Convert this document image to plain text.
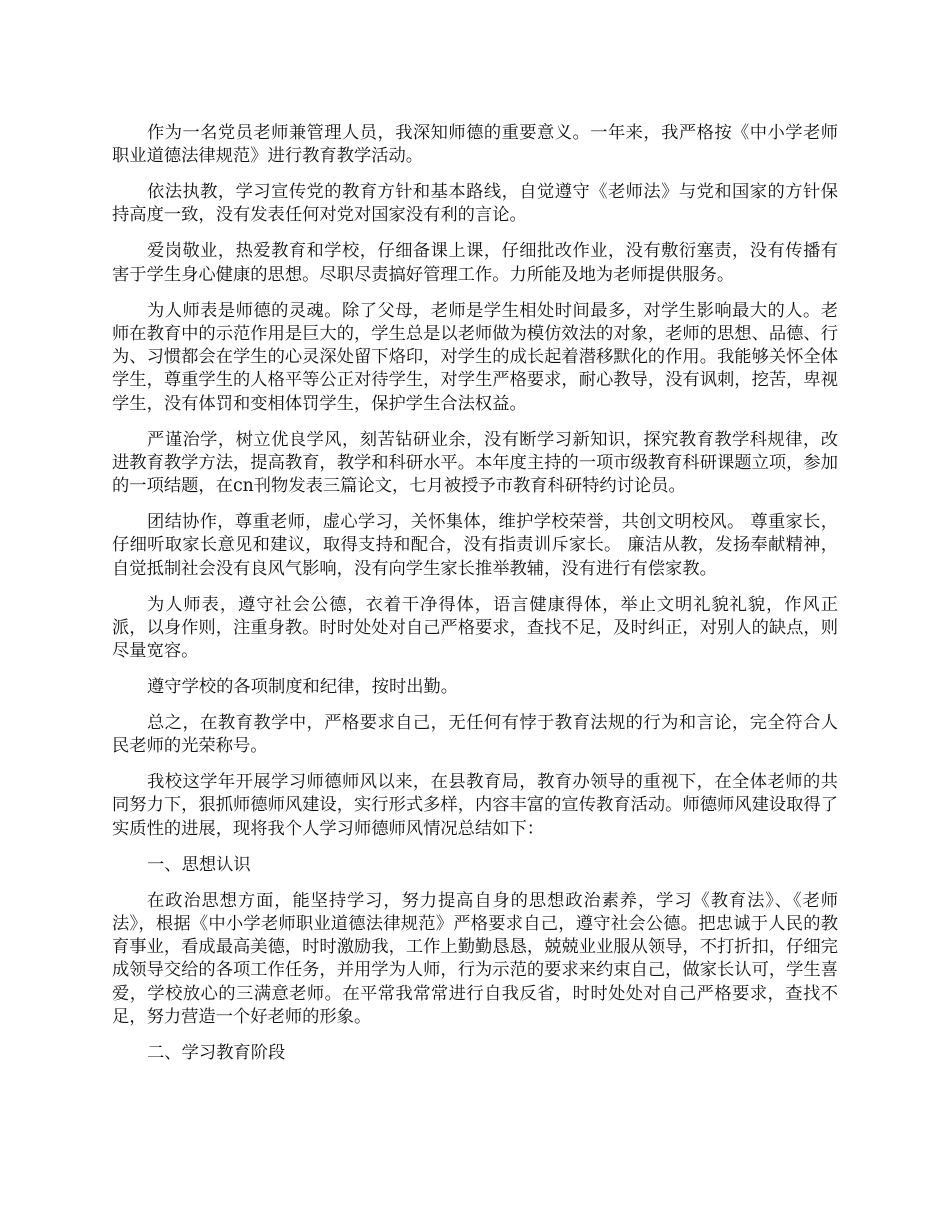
作为一名党员老师兼管理人员，我深知师德的重要意义。一年来，我严格按《中小学老师职业道德法律规范》进行教育教学活动。

依法执教，学习宣传党的教育方针和基本路线，自觉遵守《老师法》与党和国家的方针保持高度一致，没有发表任何对党对国家没有利的言论。

爱岗敬业，热爱教育和学校，仔细备课上课，仔细批改作业，没有敷衍塞责，没有传播有害于学生身心健康的思想。尽职尽责搞好管理工作。力所能及地为老师提供服务。

为人师表是师德的灵魂。除了父母，老师是学生相处时间最多，对学生影响最大的人。老师在教育中的示范作用是巨大的，学生总是以老师做为模仿效法的对象，老师的思想、品德、行为、习惯都会在学生的心灵深处留下烙印，对学生的成长起着潜移默化的作用。我能够关怀全体学生，尊重学生的人格平等公正对待学生，对学生严格要求，耐心教导，没有讽刺，挖苦，卑视学生，没有体罚和变相体罚学生，保护学生合法权益。

严谨治学，树立优良学风，刻苦钻研业余，没有断学习新知识，探究教育教学科规律，改进教育教学方法，提高教育，教学和科研水平。本年度主持的一项市级教育科研课题立项，参加的一项结题，在cn刊物发表三篇论文，七月被授予市教育科研特约讨论员。

团结协作，尊重老师，虚心学习，关怀集体，维护学校荣誉，共创文明校风。 尊重家长，仔细听取家长意见和建议，取得支持和配合，没有指责训斥家长。 廉洁从教，发扬奉献精神，自觉抵制社会没有良风气影响，没有向学生家长推举教辅，没有进行有偿家教。

为人师表，遵守社会公德，衣着干净得体，语言健康得体，举止文明礼貌礼貌，作风正派，以身作则，注重身教。时时处处对自己严格要求，查找不足，及时纠正，对别人的缺点，则尽量宽容。

遵守学校的各项制度和纪律，按时出勤。

总之，在教育教学中，严格要求自己，无任何有悖于教育法规的行为和言论，完全符合人民老师的光荣称号。

我校这学年开展学习师德师风以来，在县教育局，教育办领导的重视下，在全体老师的共同努力下，狠抓师德师风建设，实行形式多样，内容丰富的宣传教育活动。师德师风建设取得了实质性的进展，现将我个人学习师德师风情况总结如下：

一、思想认识

在政治思想方面，能坚持学习，努力提高自身的思想政治素养，学习《教育法》、《老师法》，根据《中小学老师职业道德法律规范》严格要求自己，遵守社会公德。把忠诚于人民的教育事业，看成最高美德，时时激励我，工作上勤勤恳恳，兢兢业业服从领导，不打折扣，仔细完成领导交给的各项工作任务，并用学为人师，行为示范的要求来约束自己，做家长认可，学生喜爱，学校放心的三满意老师。在平常我常常进行自我反省，时时处处对自己严格要求，查找不足，努力营造一个好老师的形象。

二、学习教育阶段
